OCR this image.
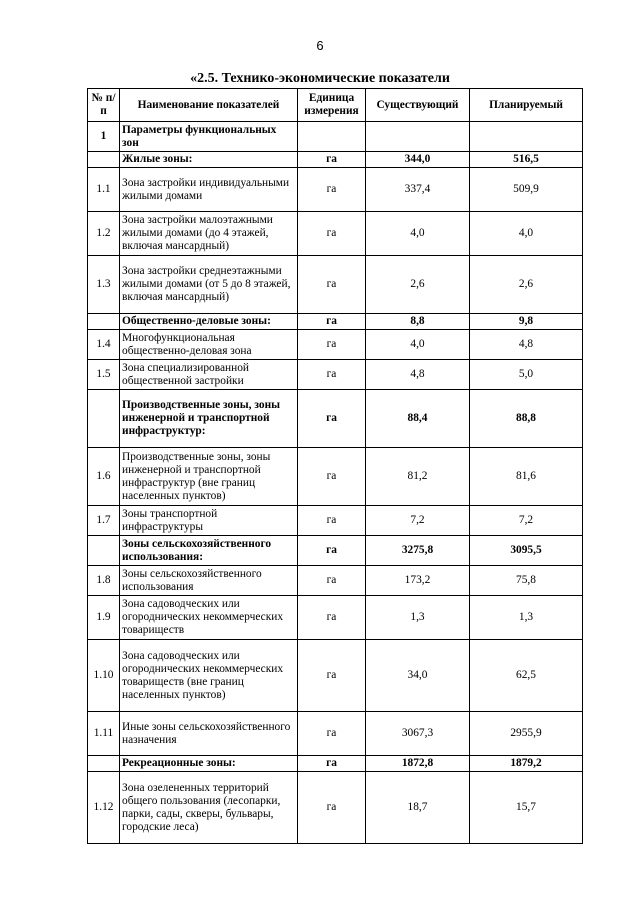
6
«2.5. Технико-экономические показатели
№ п/п	Наименование показателей	Единица измерения	Существующий	Планируемый
1	Параметры функциональных зон			
	Жилые зоны:	га	344,0	516,5
1.1	Зона застройки индивидуальными жилыми домами	га	337,4	509,9
1.2	Зона застройки малоэтажными жилыми домами (до 4 этажей, включая мансардный)	га	4,0	4,0
1.3	Зона застройки среднеэтажными жилыми домами (от 5 до 8 этажей, включая мансардный)	га	2,6	2,6
	Общественно-деловые зоны:	га	8,8	9,8
1.4	Многофункциональная общественно-деловая зона	га	4,0	4,8
1.5	Зона специализированной общественной застройки	га	4,8	5,0
	Производственные зоны, зоны инженерной и транспортной инфраструктур:	га	88,4	88,8
1.6	Производственные зоны, зоны инженерной и транспортной инфраструктур (вне границ населенных пунктов)	га	81,2	81,6
1.7	Зоны транспортной инфраструктуры	га	7,2	7,2
	Зоны сельскохозяйственного использования:	га	3275,8	3095,5
1.8	Зоны сельскохозяйственного использования	га	173,2	75,8
1.9	Зона садоводческих или огороднических некоммерческих товариществ	га	1,3	1,3
1.10	Зона садоводческих или огороднических некоммерческих товариществ (вне границ населенных пунктов)	га	34,0	62,5
1.11	Иные зоны сельскохозяйственного назначения	га	3067,3	2955,9
	Рекреационные зоны:	га	1872,8	1879,2
1.12	Зона озелененных территорий общего пользования (лесопарки, парки, сады, скверы, бульвары, городские леса)	га	18,7	15,7
